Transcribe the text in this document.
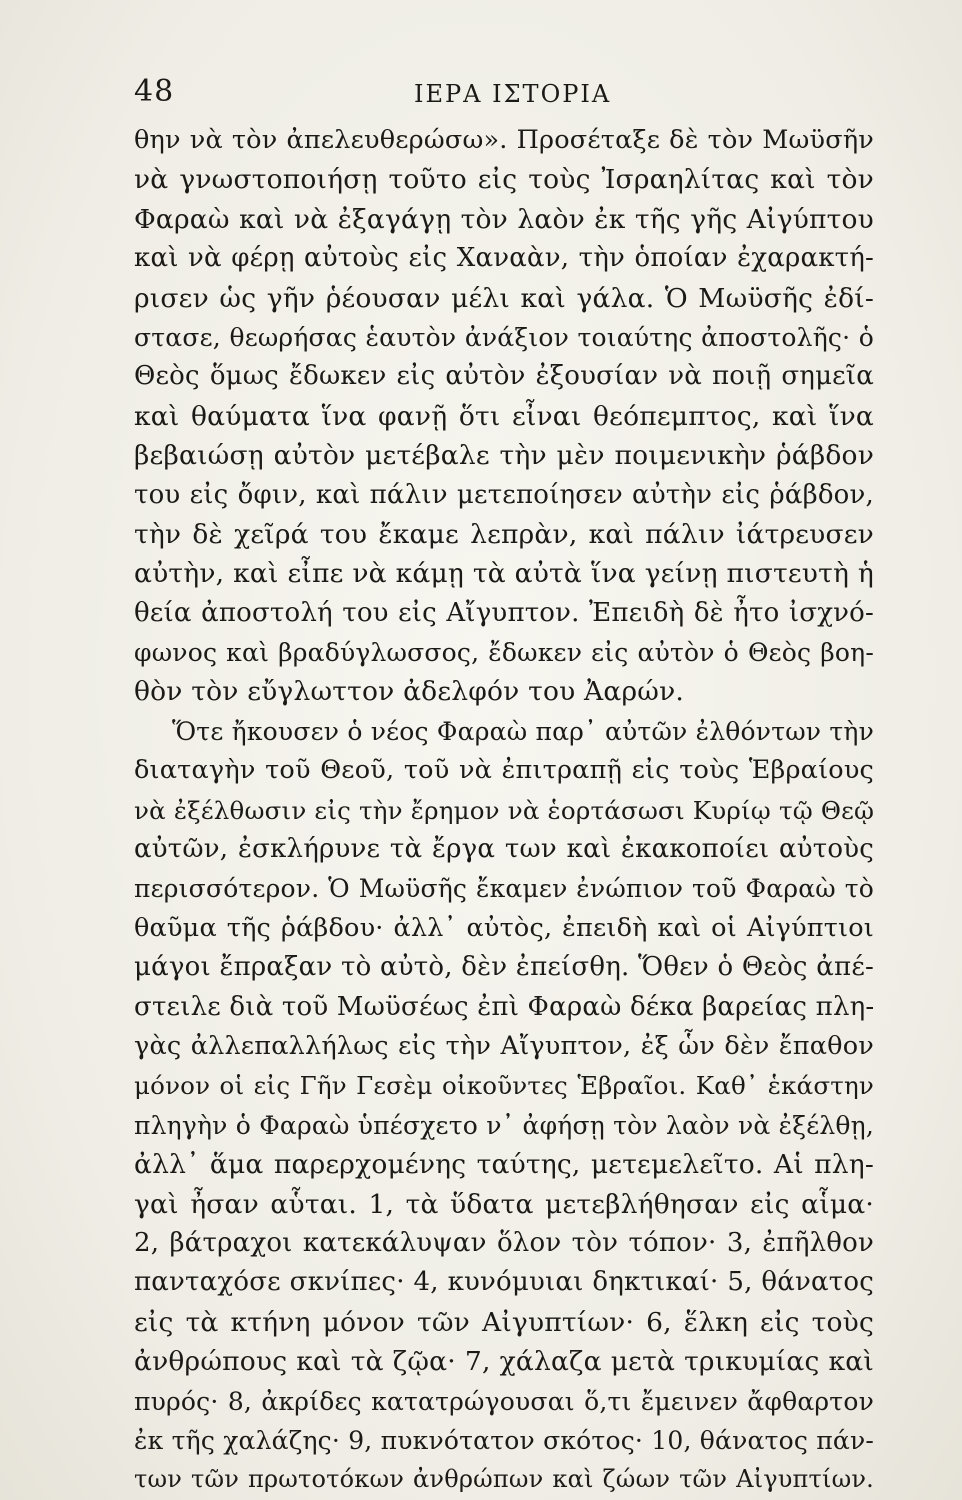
48	ΙΕΡΑ ΙΣΤΟΡΙΑ
θην νὰ τὸν ἀπελευθερώσω». Προσέταξε δὲ τὸν Μωϋσῆν
νὰ γνωστοποιήσῃ τοῦτο εἰς τοὺς Ἰσραηλίτας καὶ τὸν
Φαραὼ καὶ νὰ ἐξαγάγῃ τὸν λαὸν ἐκ τῆς γῆς Αἰγύπτου
καὶ νὰ φέρῃ αὐτοὺς εἰς Χαναὰν, τὴν ὁποίαν ἐχαρακτή-
ρισεν ὡς γῆν ῥέουσαν μέλι καὶ γάλα. Ὁ Μωϋσῆς ἐδί-
στασε, θεωρήσας ἑαυτὸν ἀνάξιον τοιαύτης ἀποστολῆς· ὁ
Θεὸς ὅμως ἔδωκεν εἰς αὐτὸν ἐξουσίαν νὰ ποιῇ σημεῖα
καὶ θαύματα ἵνα φανῇ ὅτι εἶναι θεόπεμπτος, καὶ ἵνα
βεβαιώσῃ αὐτὸν μετέβαλε τὴν μὲν ποιμενικὴν ῥάβδον
του εἰς ὄφιν, καὶ πάλιν μετεποίησεν αὐτὴν εἰς ῥάβδον,
τὴν δὲ χεῖρά του ἔκαμε λεπρὰν, καὶ πάλιν ἰάτρευσεν
αὐτὴν, καὶ εἶπε νὰ κάμῃ τὰ αὐτὰ ἵνα γείνῃ πιστευτὴ ἡ
θεία ἀποστολή του εἰς Αἴγυπτον. Ἐπειδὴ δὲ ἦτο ἰσχνό-
φωνος καὶ βραδύγλωσσος, ἔδωκεν εἰς αὐτὸν ὁ Θεὸς βοη-
θὸν τὸν εὔγλωττον ἀδελφόν του Ἀαρών.
Ὅτε ἤκουσεν ὁ νέος Φαραὼ παρ᾽ αὐτῶν ἐλθόντων τὴν
διαταγὴν τοῦ Θεοῦ, τοῦ νὰ ἐπιτραπῇ εἰς τοὺς Ἑβραίους
νὰ ἐξέλθωσιν εἰς τὴν ἔρημον νὰ ἑορτάσωσι Κυρίῳ τῷ Θεῷ
αὐτῶν, ἐσκλήρυνε τὰ ἔργα των καὶ ἐκακοποίει αὐτοὺς
περισσότερον. Ὁ Μωϋσῆς ἔκαμεν ἐνώπιον τοῦ Φαραὼ τὸ
θαῦμα τῆς ῥάβδου· ἀλλ᾽ αὐτὸς, ἐπειδὴ καὶ οἱ Αἰγύπτιοι
μάγοι ἔπραξαν τὸ αὐτὸ, δὲν ἐπείσθη. Ὅθεν ὁ Θεὸς ἀπέ-
στειλε διὰ τοῦ Μωϋσέως ἐπὶ Φαραὼ δέκα βαρείας πλη-
γὰς ἀλλεπαλλήλως εἰς τὴν Αἴγυπτον, ἐξ ὧν δὲν ἔπαθον
μόνον οἱ εἰς Γῆν Γεσὲμ οἰκοῦντες Ἑβραῖοι. Καθ᾽ ἑκάστην
πληγὴν ὁ Φαραὼ ὑπέσχετο ν᾽ ἀφήσῃ τὸν λαὸν νὰ ἐξέλθῃ,
ἀλλ᾽ ἅμα παρερχομένης ταύτης, μετεμελεῖτο. Αἱ πλη-
γαὶ ἦσαν αὗται. 1, τὰ ὕδατα μετεβλήθησαν εἰς αἷμα·
2, βάτραχοι κατεκάλυψαν ὅλον τὸν τόπον· 3, ἐπῆλθον
πανταχόσε σκνίπες· 4, κυνόμυιαι δηκτικαί· 5, θάνατος
εἰς τὰ κτήνη μόνον τῶν Αἰγυπτίων· 6, ἕλκη εἰς τοὺς
ἀνθρώπους καὶ τὰ ζῷα· 7, χάλαζα μετὰ τρικυμίας καὶ
πυρός· 8, ἀκρίδες κατατρώγουσαι ὅ,τι ἔμεινεν ἄφθαρτον
ἐκ τῆς χαλάζης· 9, πυκνότατον σκότος· 10, θάνατος πάν-
των τῶν πρωτοτόκων ἀνθρώπων καὶ ζώων τῶν Αἰγυπτίων.
